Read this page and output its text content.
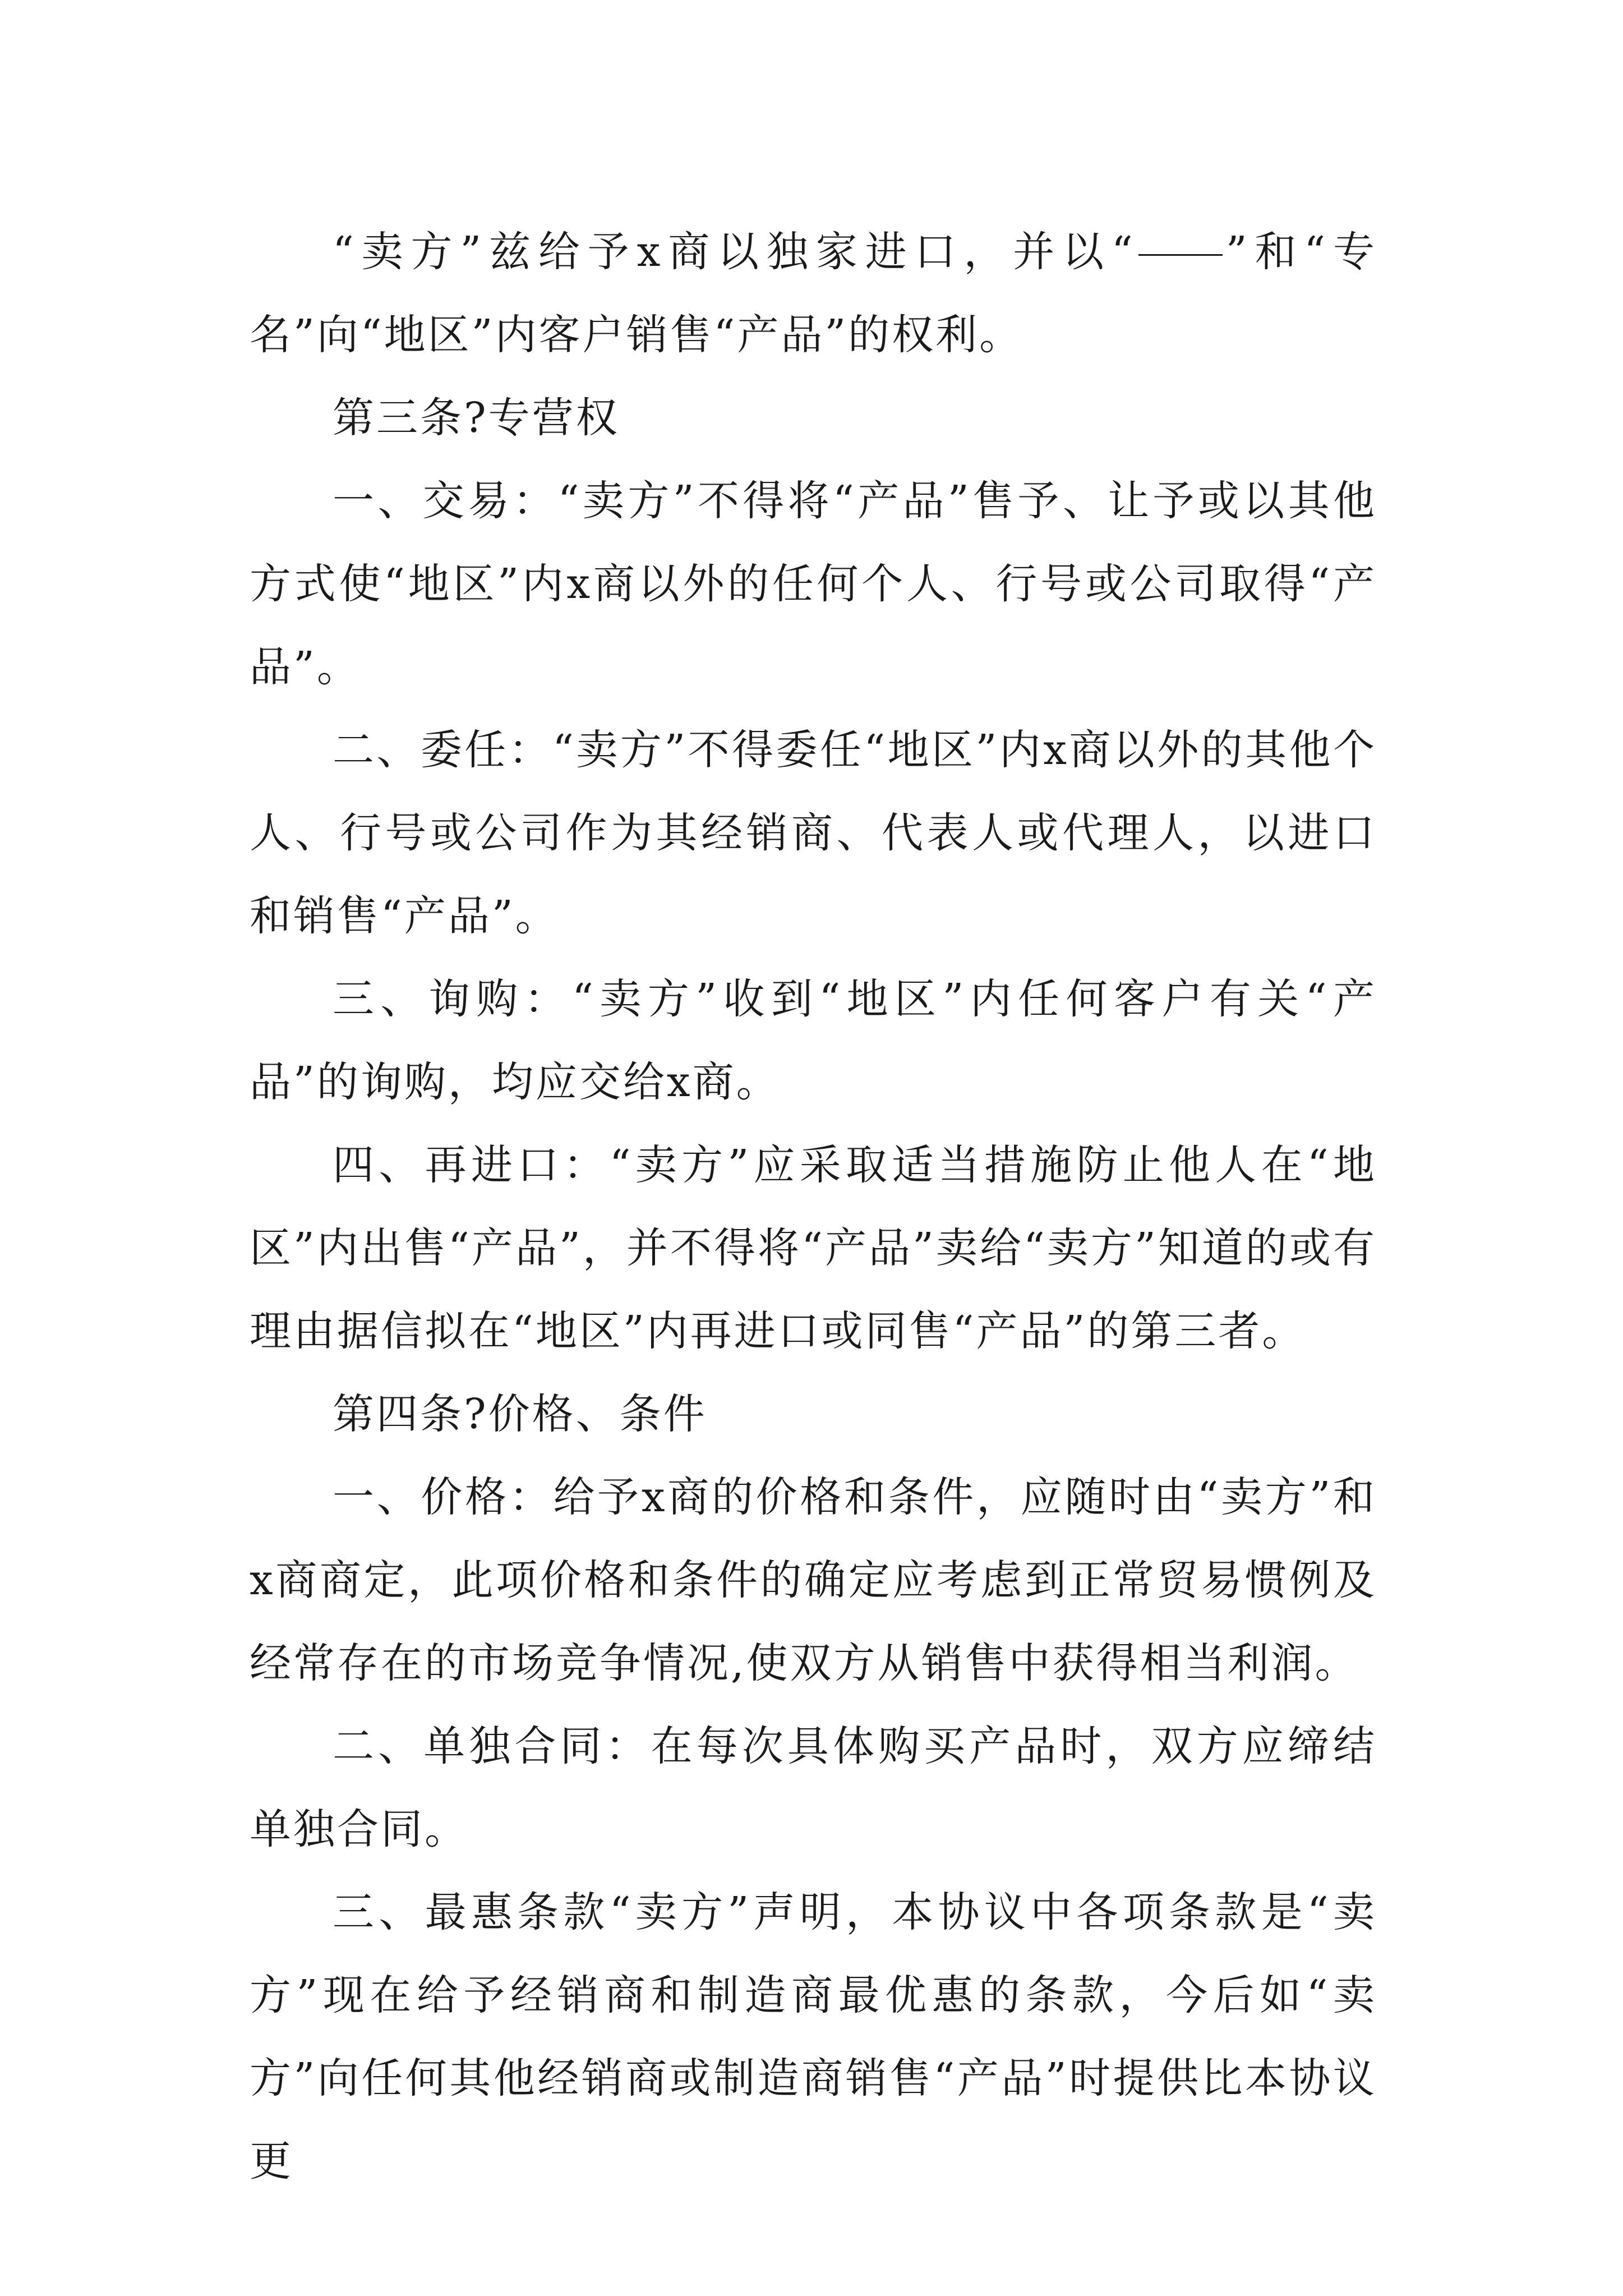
“卖方”兹给予x商以独家进口，并以“ ”和“专名”向“地区”内客户销售“产品”的权利。

第三条?专营权

一、交易：“卖方”不得将“产品”售予、让予或以其他方式使“地区”内x商以外的任何个人、行号或公司取得“产品”。

二、委任：“卖方”不得委任“地区”内x商以外的其他个人、行号或公司作为其经销商、代表人或代理人，以进口和销售“产品”。

三、询购：“卖方”收到“地区”内任何客户有关“产品”的询购，均应交给x商。

四、再进口：“卖方”应采取适当措施防止他人在“地区”内出售“产品”，并不得将“产品”卖给“卖方”知道的或有理由据信拟在“地区”内再进口或同售“产品”的第三者。

第四条?价格、条件

一、价格：给予x商的价格和条件，应随时由“卖方”和x商商定，此项价格和条件的确定应考虑到正常贸易惯例及经常存在的市场竞争情况,使双方从销售中获得相当利润。

二、单独合同：在每次具体购买产品时，双方应缔结单独合同。

三、最惠条款“卖方”声明，本协议中各项条款是“卖方”现在给予经销商和制造商最优惠的条款，今后如“卖方”向任何其他经销商或制造商销售“产品”时提供比本协议更
